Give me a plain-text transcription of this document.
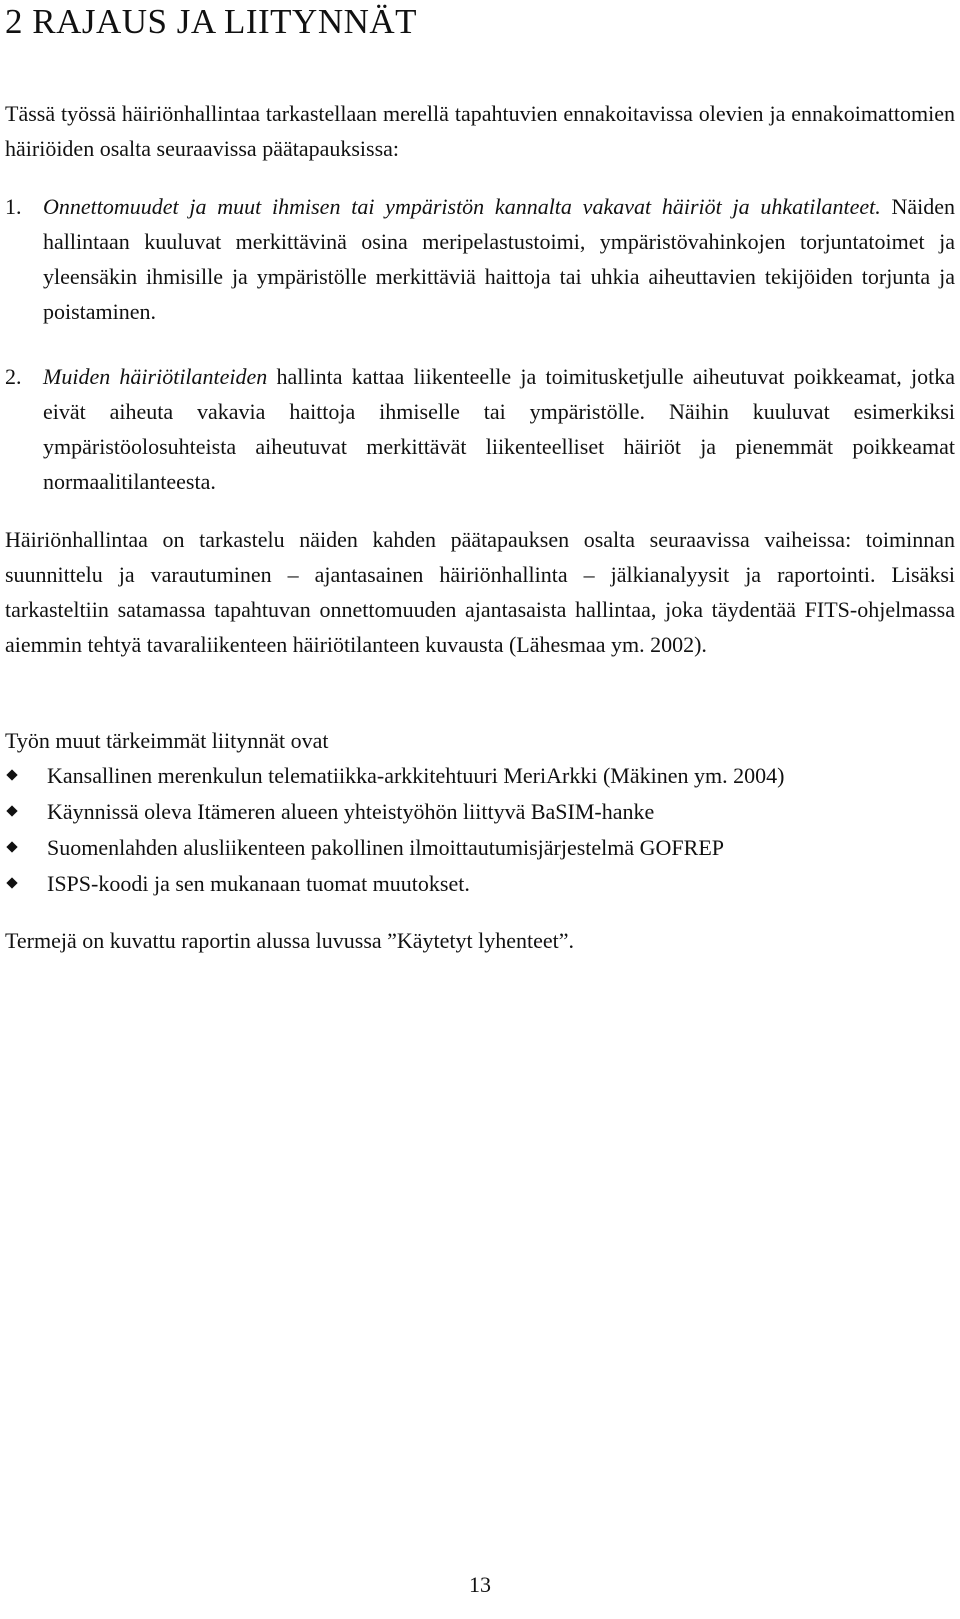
2 RAJAUS JA LIITYNNÄT

Tässä työssä häiriönhallintaa tarkastellaan merellä tapahtuvien ennakoitavissa olevien ja ennakoimattomien häiriöiden osalta seuraavissa päätapauksissa:

1. Onnettomuudet ja muut ihmisen tai ympäristön kannalta vakavat häiriöt ja uhkatilanteet. Näiden hallintaan kuuluvat merkittävinä osina meripelastustoimi, ympäristövahinkojen torjuntatoimet ja yleensäkin ihmisille ja ympäristölle merkittäviä haittoja tai uhkia aiheuttavien tekijöiden torjunta ja poistaminen.
2. Muiden häiriötilanteiden hallinta kattaa liikenteelle ja toimitusketjulle aiheutuvat poikkeamat, jotka eivät aiheuta vakavia haittoja ihmiselle tai ympäristölle. Näihin kuuluvat esimerkiksi ympäristöolosuhteista aiheutuvat merkittävät liikenteelliset häiriöt ja pienemmät poikkeamat normaalitilanteesta.

Häiriönhallintaa on tarkastelu näiden kahden päätapauksen osalta seuraavissa vaiheissa: toiminnan suunnittelu ja varautuminen – ajantasainen häiriönhallinta – jälkianalyysit ja raportointi. Lisäksi tarkasteltiin satamassa tapahtuvan onnettomuuden ajantasaista hallintaa, joka täydentää FITS-ohjelmassa aiemmin tehtyä tavaraliikenteen häiriötilanteen kuvausta (Lähesmaa ym. 2002).

Työn muut tärkeimmät liitynnät ovat

Kansallinen merenkulun telematiikka-arkkitehtuuri MeriArkki (Mäkinen ym. 2004)
Käynnissä oleva Itämeren alueen yhteistyöhön liittyvä BaSIM-hanke
Suomenlahden alusliikenteen pakollinen ilmoittautumisjärjestelmä GOFREP
ISPS-koodi ja sen mukanaan tuomat muutokset.

Termejä on kuvattu raportin alussa luvussa ”Käytetyt lyhenteet”.

13
